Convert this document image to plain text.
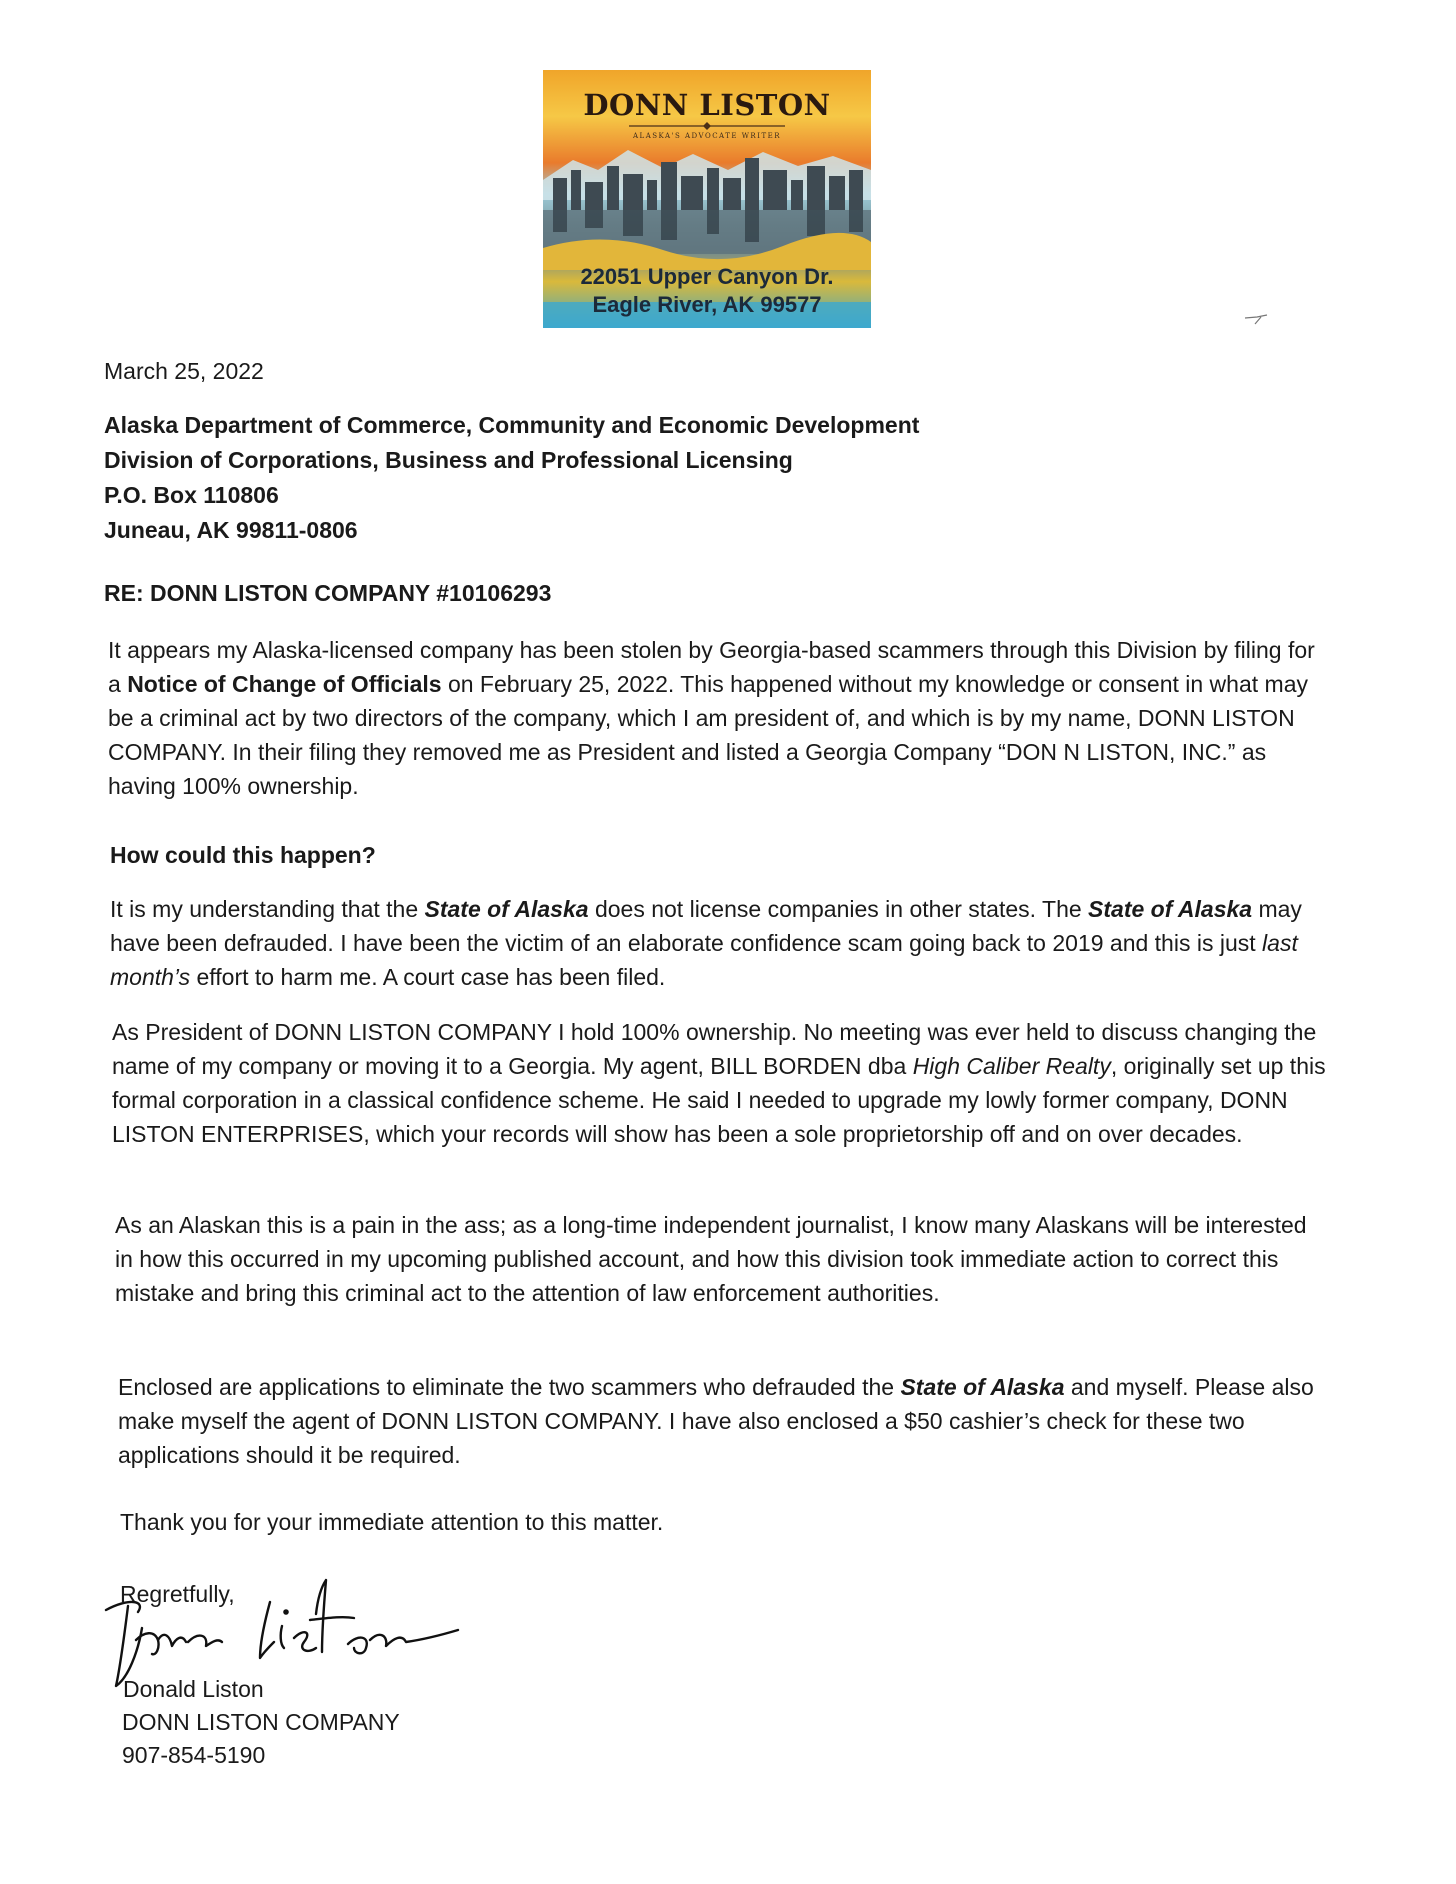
DONN LISTON
ALASKA'S ADVOCATE WRITER
22051 Upper Canyon Dr.
Eagle River, AK 99577
March 25, 2022
Alaska Department of Commerce, Community and Economic Development
Division of Corporations, Business and Professional Licensing
P.O. Box 110806
Juneau, AK 99811-0806
RE: DONN LISTON COMPANY #10106293
It appears my Alaska-licensed company has been stolen by Georgia-based scammers through this Division by filing for a Notice of Change of Officials on February 25, 2022. This happened without my knowledge or consent in what may be a criminal act by two directors of the company, which I am president of, and which is by my name, DONN LISTON COMPANY. In their filing they removed me as President and listed a Georgia Company “DON N LISTON, INC.” as having 100% ownership.
How could this happen?
It is my understanding that the State of Alaska does not license companies in other states. The State of Alaska may have been defrauded. I have been the victim of an elaborate confidence scam going back to 2019 and this is just last month’s effort to harm me. A court case has been filed.
As President of DONN LISTON COMPANY I hold 100% ownership. No meeting was ever held to discuss changing the name of my company or moving it to a Georgia. My agent, BILL BORDEN dba High Caliber Realty, originally set up this formal corporation in a classical confidence scheme. He said I needed to upgrade my lowly former company, DONN LISTON ENTERPRISES, which your records will show has been a sole proprietorship off and on over decades.
As an Alaskan this is a pain in the ass; as a long-time independent journalist, I know many Alaskans will be interested in how this occurred in my upcoming published account, and how this division took immediate action to correct this mistake and bring this criminal act to the attention of law enforcement authorities.
Enclosed are applications to eliminate the two scammers who defrauded the State of Alaska and myself. Please also make myself the agent of DONN LISTON COMPANY. I have also enclosed a $50 cashier’s check for these two applications should it be required.
Thank you for your immediate attention to this matter.
Regretfully,
Donald Liston
DONN LISTON COMPANY
907-854-5190
